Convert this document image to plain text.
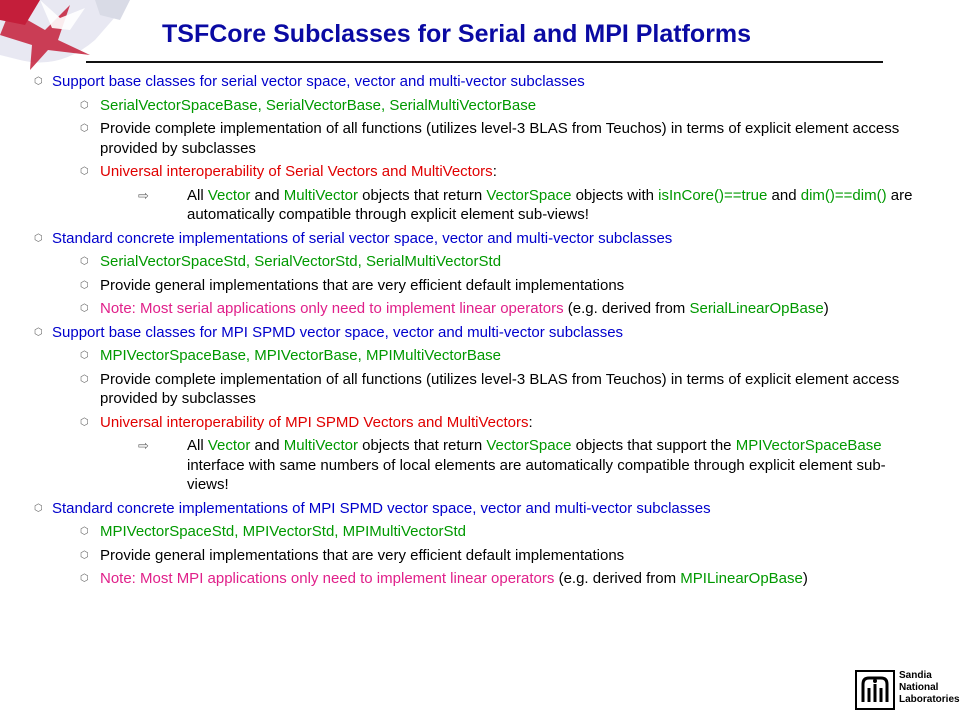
TSFCore Subclasses for Serial and MPI Platforms
⬡ Support base classes for serial vector space, vector and multi-vector subclasses
⬡ SerialVectorSpaceBase, SerialVectorBase, SerialMultiVectorBase
⬡ Provide complete implementation of all functions (utilizes level-3 BLAS from Teuchos) in terms of explicit element access provided by subclasses
⬡ Universal interoperability of Serial Vectors and MultiVectors:
⇨	All Vector and MultiVector objects that return VectorSpace objects with isInCore()==true and dim()==dim() are automatically compatible through explicit element sub-views!
⬡ Standard concrete implementations of serial vector space, vector and multi-vector subclasses
⬡ SerialVectorSpaceStd, SerialVectorStd, SerialMultiVectorStd
⬡ Provide general implementations that are very efficient default implementations
⬡ Note: Most serial applications only need to implement linear operators (e.g. derived from SerialLinearOpBase)
⬡ Support base classes for MPI SPMD vector space, vector and multi-vector subclasses
⬡ MPIVectorSpaceBase, MPIVectorBase, MPIMultiVectorBase
⬡ Provide complete implementation of all functions (utilizes level-3 BLAS from Teuchos) in terms of explicit element access provided by subclasses
⬡ Universal interoperability of MPI SPMD Vectors and MultiVectors:
⇨	All Vector and MultiVector objects that return VectorSpace objects that support the MPIVectorSpaceBase interface with same numbers of local elements are automatically compatible through explicit element sub-views!
⬡ Standard concrete implementations of MPI SPMD vector space, vector and multi-vector subclasses
⬡ MPIVectorSpaceStd, MPIVectorStd, MPIMultiVectorStd
⬡ Provide general implementations that are very efficient default implementations
⬡ Note: Most MPI applications only need to implement linear operators (e.g. derived from MPILinearOpBase)
Sandia
National
Laboratories
